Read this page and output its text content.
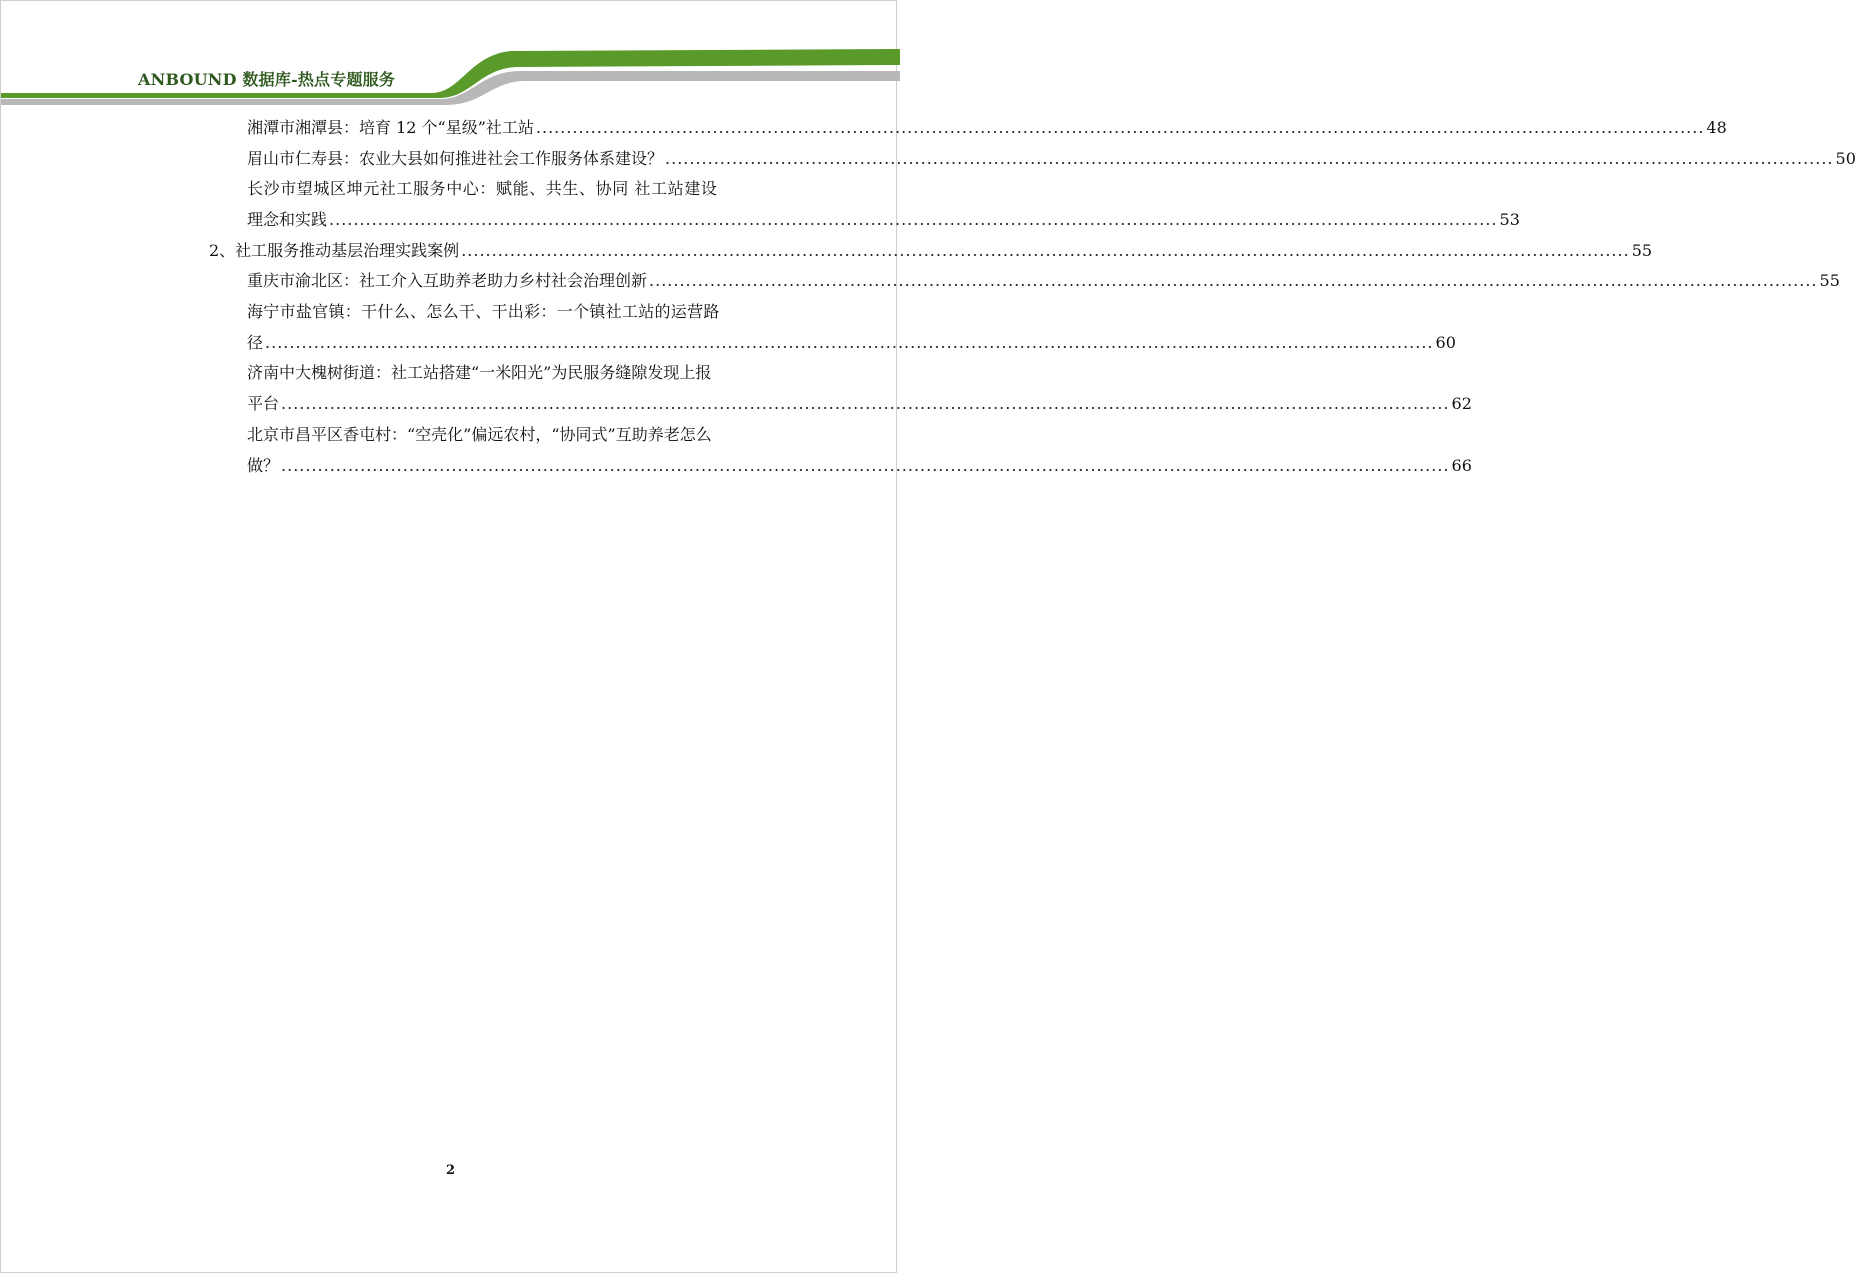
ANBOUND 数据库-热点专题服务
湘潭市湘潭县：培育 12 个“星级”社工站 ................................................................................................................................................................................................ 48
眉山市仁寿县：农业大县如何推进社会工作服务体系建设？ ................................................................................................................................................................................................ 50
长沙市望城区坤元社工服务中心：赋能、共生、协同 社工站建设
理念和实践 ................................................................................................................................................................................................ 53
2、社工服务推动基层治理实践案例 ................................................................................................................................................................................................ 55
重庆市渝北区：社工介入互助养老助力乡村社会治理创新 ................................................................................................................................................................................................ 55
海宁市盐官镇：干什么、怎么干、干出彩：一个镇社工站的运营路
径 ................................................................................................................................................................................................ 60
济南中大槐树街道：社工站搭建“一米阳光”为民服务缝隙发现上报
平台 ................................................................................................................................................................................................ 62
北京市昌平区香屯村：“空壳化”偏远农村，“协同式”互助养老怎么
做？ ................................................................................................................................................................................................ 66
2
